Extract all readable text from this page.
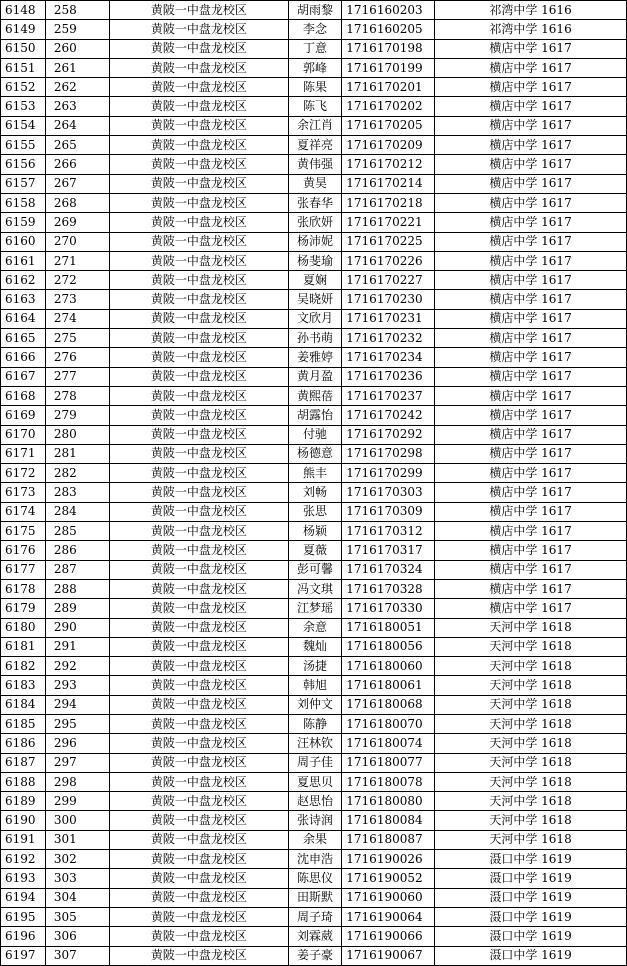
6148	258	黄陂一中盘龙校区	胡雨黎	1716160203	祁湾中学 1616
6149	259	黄陂一中盘龙校区	李念	1716160205	祁湾中学 1616
6150	260	黄陂一中盘龙校区	丁意	1716170198	横店中学 1617
6151	261	黄陂一中盘龙校区	郭峰	1716170199	横店中学 1617
6152	262	黄陂一中盘龙校区	陈果	1716170201	横店中学 1617
6153	263	黄陂一中盘龙校区	陈飞	1716170202	横店中学 1617
6154	264	黄陂一中盘龙校区	余江肖	1716170205	横店中学 1617
6155	265	黄陂一中盘龙校区	夏祥亮	1716170209	横店中学 1617
6156	266	黄陂一中盘龙校区	黄伟强	1716170212	横店中学 1617
6157	267	黄陂一中盘龙校区	黄昊	1716170214	横店中学 1617
6158	268	黄陂一中盘龙校区	张春华	1716170218	横店中学 1617
6159	269	黄陂一中盘龙校区	张欣妍	1716170221	横店中学 1617
6160	270	黄陂一中盘龙校区	杨沛妮	1716170225	横店中学 1617
6161	271	黄陂一中盘龙校区	杨斐瑜	1716170226	横店中学 1617
6162	272	黄陂一中盘龙校区	夏娴	1716170227	横店中学 1617
6163	273	黄陂一中盘龙校区	吴晓妍	1716170230	横店中学 1617
6164	274	黄陂一中盘龙校区	文欣月	1716170231	横店中学 1617
6165	275	黄陂一中盘龙校区	孙书萌	1716170232	横店中学 1617
6166	276	黄陂一中盘龙校区	姜雅婷	1716170234	横店中学 1617
6167	277	黄陂一中盘龙校区	黄月盈	1716170236	横店中学 1617
6168	278	黄陂一中盘龙校区	黄熙蓓	1716170237	横店中学 1617
6169	279	黄陂一中盘龙校区	胡露怡	1716170242	横店中学 1617
6170	280	黄陂一中盘龙校区	付驰	1716170292	横店中学 1617
6171	281	黄陂一中盘龙校区	杨德意	1716170298	横店中学 1617
6172	282	黄陂一中盘龙校区	熊丰	1716170299	横店中学 1617
6173	283	黄陂一中盘龙校区	刘畅	1716170303	横店中学 1617
6174	284	黄陂一中盘龙校区	张思	1716170309	横店中学 1617
6175	285	黄陂一中盘龙校区	杨颖	1716170312	横店中学 1617
6176	286	黄陂一中盘龙校区	夏薇	1716170317	横店中学 1617
6177	287	黄陂一中盘龙校区	彭可馨	1716170324	横店中学 1617
6178	288	黄陂一中盘龙校区	冯文琪	1716170328	横店中学 1617
6179	289	黄陂一中盘龙校区	江梦瑶	1716170330	横店中学 1617
6180	290	黄陂一中盘龙校区	余意	1716180051	天河中学 1618
6181	291	黄陂一中盘龙校区	魏灿	1716180056	天河中学 1618
6182	292	黄陂一中盘龙校区	汤捷	1716180060	天河中学 1618
6183	293	黄陂一中盘龙校区	韩旭	1716180061	天河中学 1618
6184	294	黄陂一中盘龙校区	刘仲文	1716180068	天河中学 1618
6185	295	黄陂一中盘龙校区	陈静	1716180070	天河中学 1618
6186	296	黄陂一中盘龙校区	汪林钦	1716180074	天河中学 1618
6187	297	黄陂一中盘龙校区	周子佳	1716180077	天河中学 1618
6188	298	黄陂一中盘龙校区	夏思贝	1716180078	天河中学 1618
6189	299	黄陂一中盘龙校区	赵思怡	1716180080	天河中学 1618
6190	300	黄陂一中盘龙校区	张诗润	1716180084	天河中学 1618
6191	301	黄陂一中盘龙校区	余果	1716180087	天河中学 1618
6192	302	黄陂一中盘龙校区	沈申浩	1716190026	滠口中学 1619
6193	303	黄陂一中盘龙校区	陈思仪	1716190052	滠口中学 1619
6194	304	黄陂一中盘龙校区	田斯默	1716190060	滠口中学 1619
6195	305	黄陂一中盘龙校区	周子琦	1716190064	滠口中学 1619
6196	306	黄陂一中盘龙校区	刘霖葳	1716190066	滠口中学 1619
6197	307	黄陂一中盘龙校区	姜子豪	1716190067	滠口中学 1619
